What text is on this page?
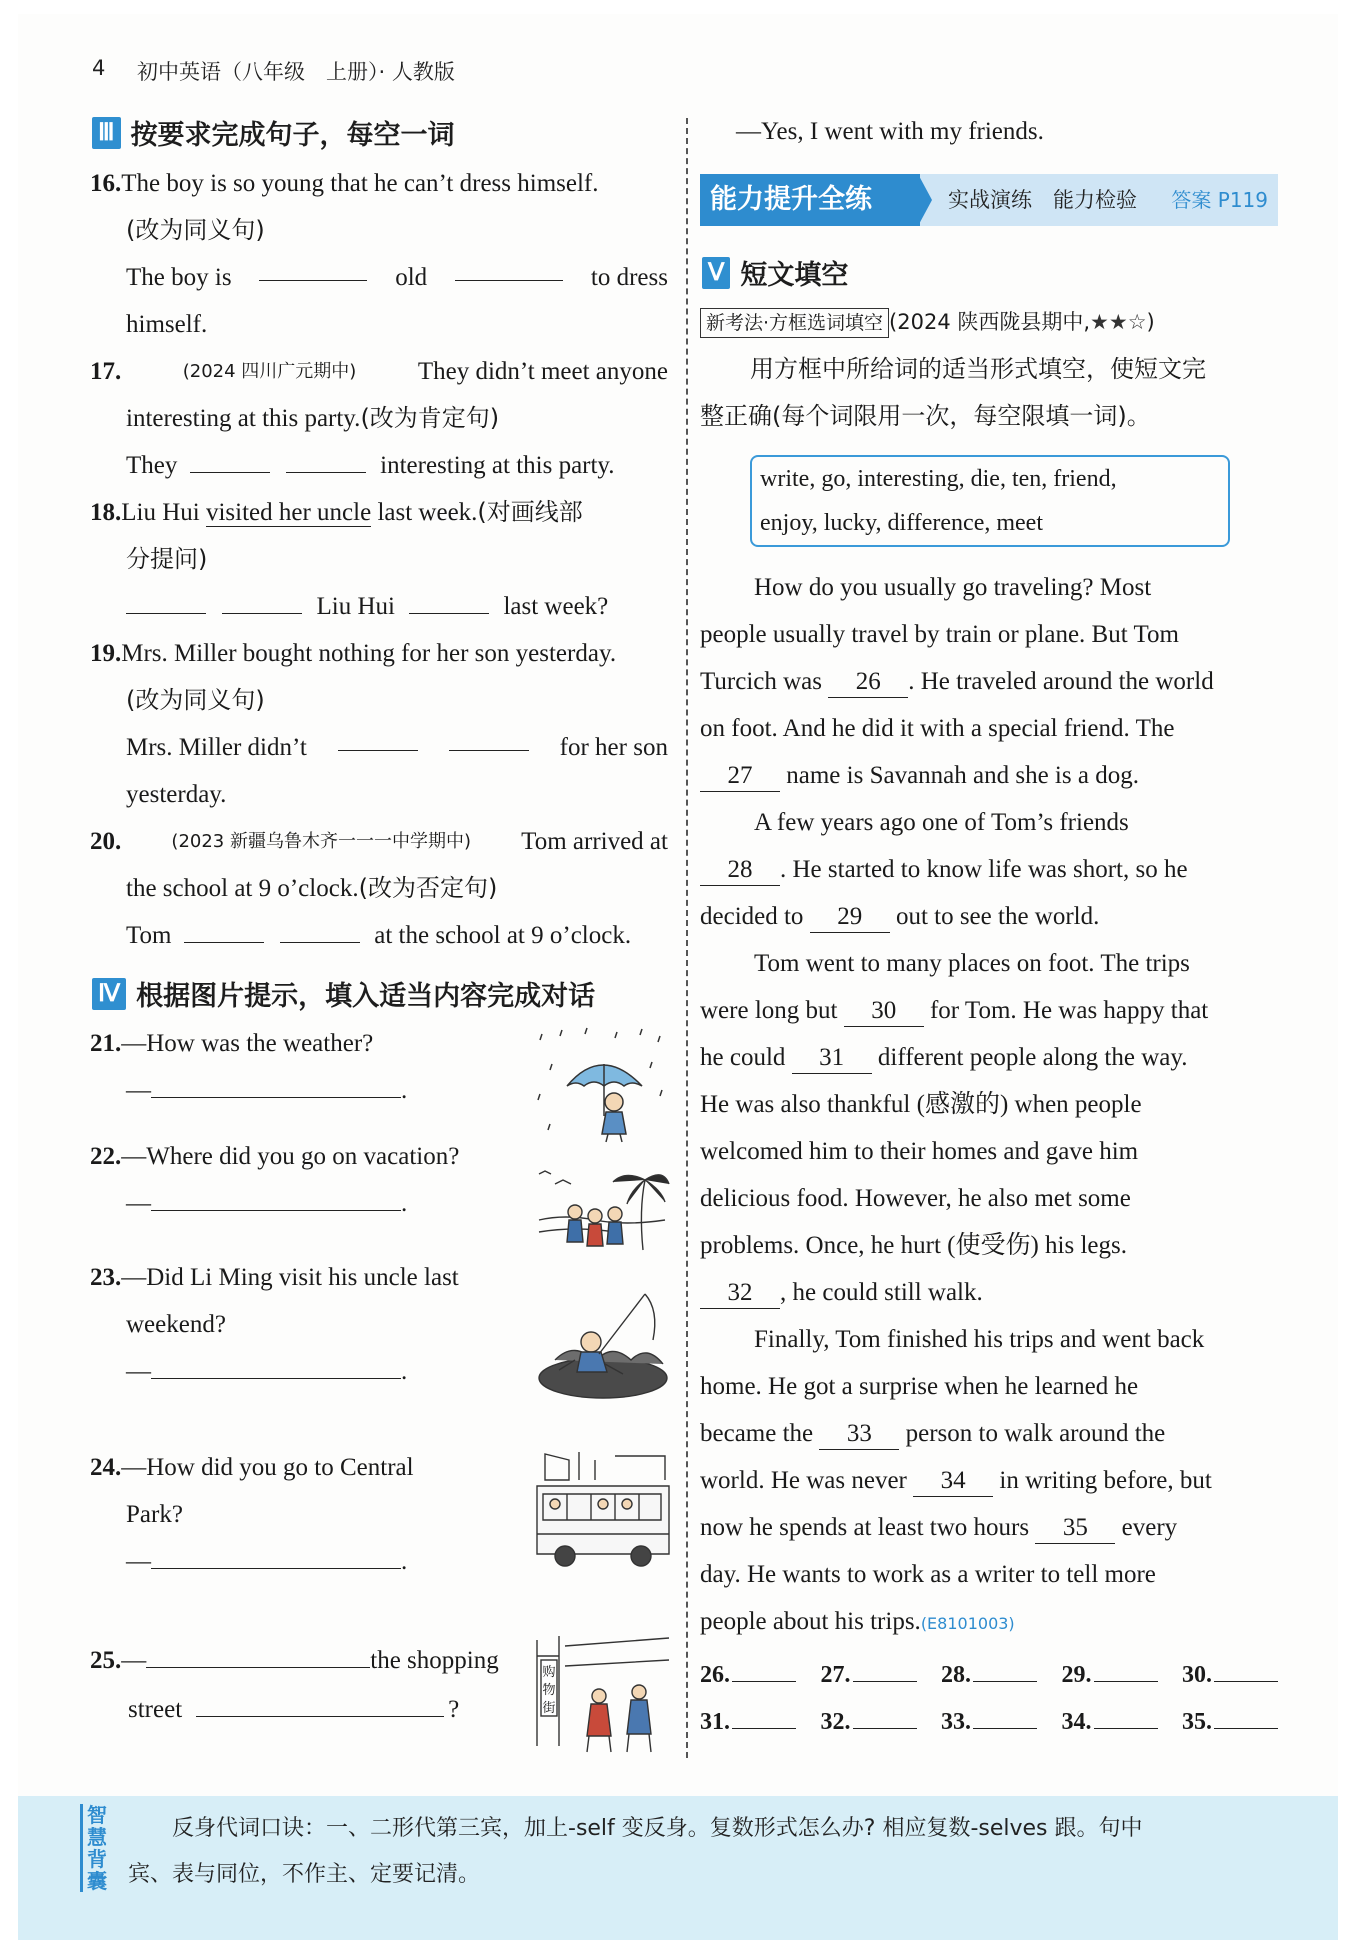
4 初中英语（八年级　上册）· 人教版
Ⅲ 按要求完成句子，每空一词
16.The boy is so young that he can’t dress himself.
(改为同义句)
The boy is	old	to dress
himself.
17.	(2024 四川广元期中) They didn’t meet anyone
interesting at this party.(改为肯定句)
They	interesting at this party.
18.Liu Hui visited her uncle last week.(对画线部
分提问)
Liu Hui	last week?
19.Mrs. Miller bought nothing for her son yesterday.
(改为同义句)
Mrs. Miller didn’t	for her son
yesterday.
20.	(2023 新疆乌鲁木齐一一一中学期中) Tom arrived at
the school at 9 o’clock.(改为否定句)
Tom	at the school at 9 o’clock.
Ⅳ 根据图片提示，填入适当内容完成对话
21.—How was the weather?
—	.
22.—Where did you go on vacation?
—	.
23.—Did Li Ming visit his uncle last
weekend?
—	.
24.—How did you go to Central
Park?
—	.
25.—	the shopping
street	?
购
物
街
—Yes, I went with my friends.
能力提升全练	实战演练　能力检验 答案 P119
Ⅴ 短文填空
新考法·方框选词填空 (2024 陕西陇县期中,★★☆)
用方框中所给词的适当形式填空，使短文完
整正确(每个词限用一次，每空限填一词)。
write, go, interesting, die, ten, friend,
enjoy, lucky, difference, meet
How do you usually go traveling? Most
people usually travel by train or plane. But Tom
Turcich was 26 . He traveled around the world
on foot. And he did it with a special friend. The
27 name is Savannah and she is a dog.
A few years ago one of Tom’s friends
28 . He started to know life was short, so he
decided to 29 out to see the world.
Tom went to many places on foot. The trips
were long but 30 for Tom. He was happy that
he could 31 different people along the way.
He was also thankful (感激的) when people
welcomed him to their homes and gave him
delicious food. However, he also met some
problems. Once, he hurt (使受伤) his legs.
32 , he could still walk.
Finally, Tom finished his trips and went back
home. He got a surprise when he learned he
became the 33 person to walk around the
world. He was never 34 in writing before, but
now he spends at least two hours 35 every
day. He wants to work as a writer to tell more
people about his trips.(E8101003)
26.	27.	28.	29.	30.
31.	32.	33.	34.	35.
智
慧
背
囊
反身代词口诀：一、二形代第三宾，加上-self 变反身。复数形式怎么办? 相应复数-selves 跟。句中
宾、表与同位，不作主、定要记清。
